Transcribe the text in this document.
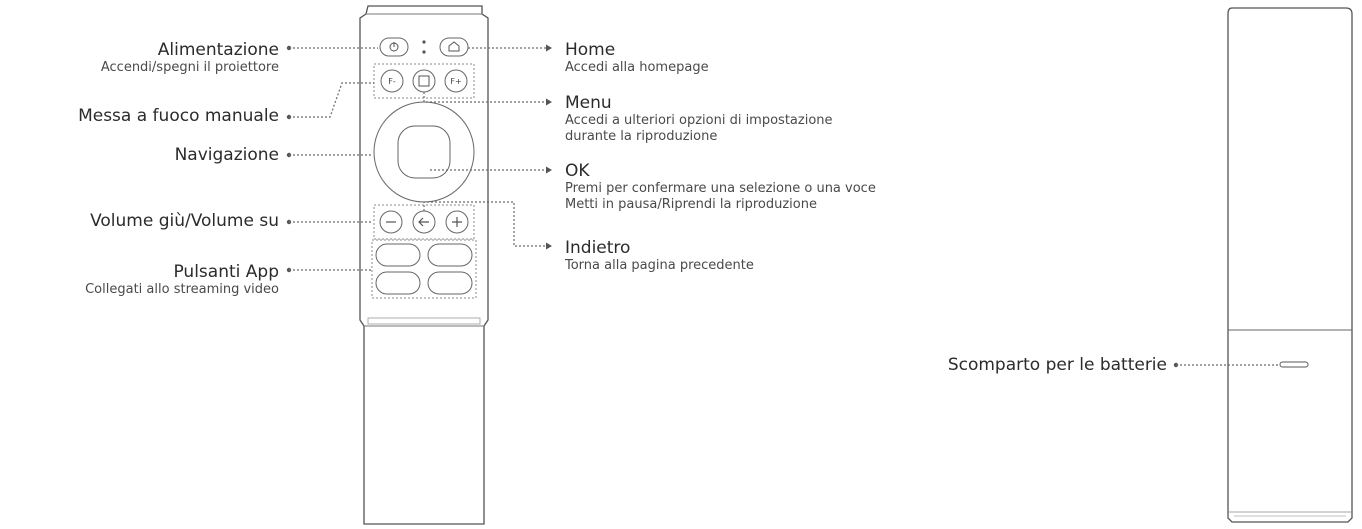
F-	F+
Alimentazione
Accendi/spegni il proiettore
Messa a fuoco manuale
Navigazione
Volume giù/Volume su
Pulsanti App
Collegati allo streaming video
Home
Accedi alla homepage
Menu
Accedi a ulteriori opzioni di impostazione
durante la riproduzione
OK
Premi per confermare una selezione o una voce
Metti in pausa/Riprendi la riproduzione
Indietro
Torna alla pagina precedente
Scomparto per le batterie
